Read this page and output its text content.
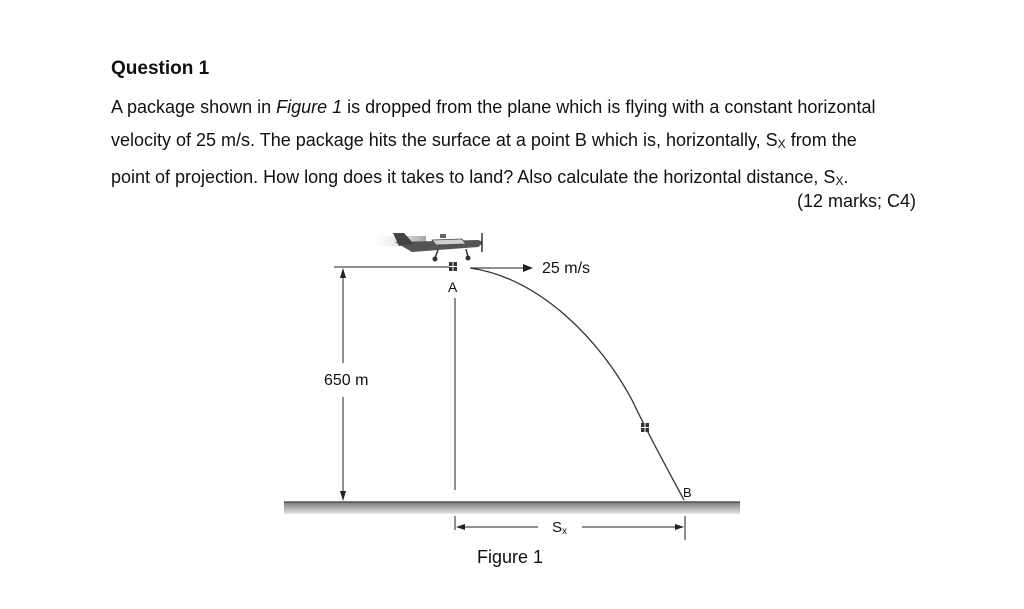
Question 1
A package shown in Figure 1 is dropped from the plane which is flying with a constant horizontal
velocity of 25 m/s. The package hits the surface at a point B which is, horizontally, SX from the
point of projection. How long does it takes to land? Also calculate the horizontal distance, SX.
(12 marks; C4)
650 m
A
25 m/s
B
Sx
Figure 1
